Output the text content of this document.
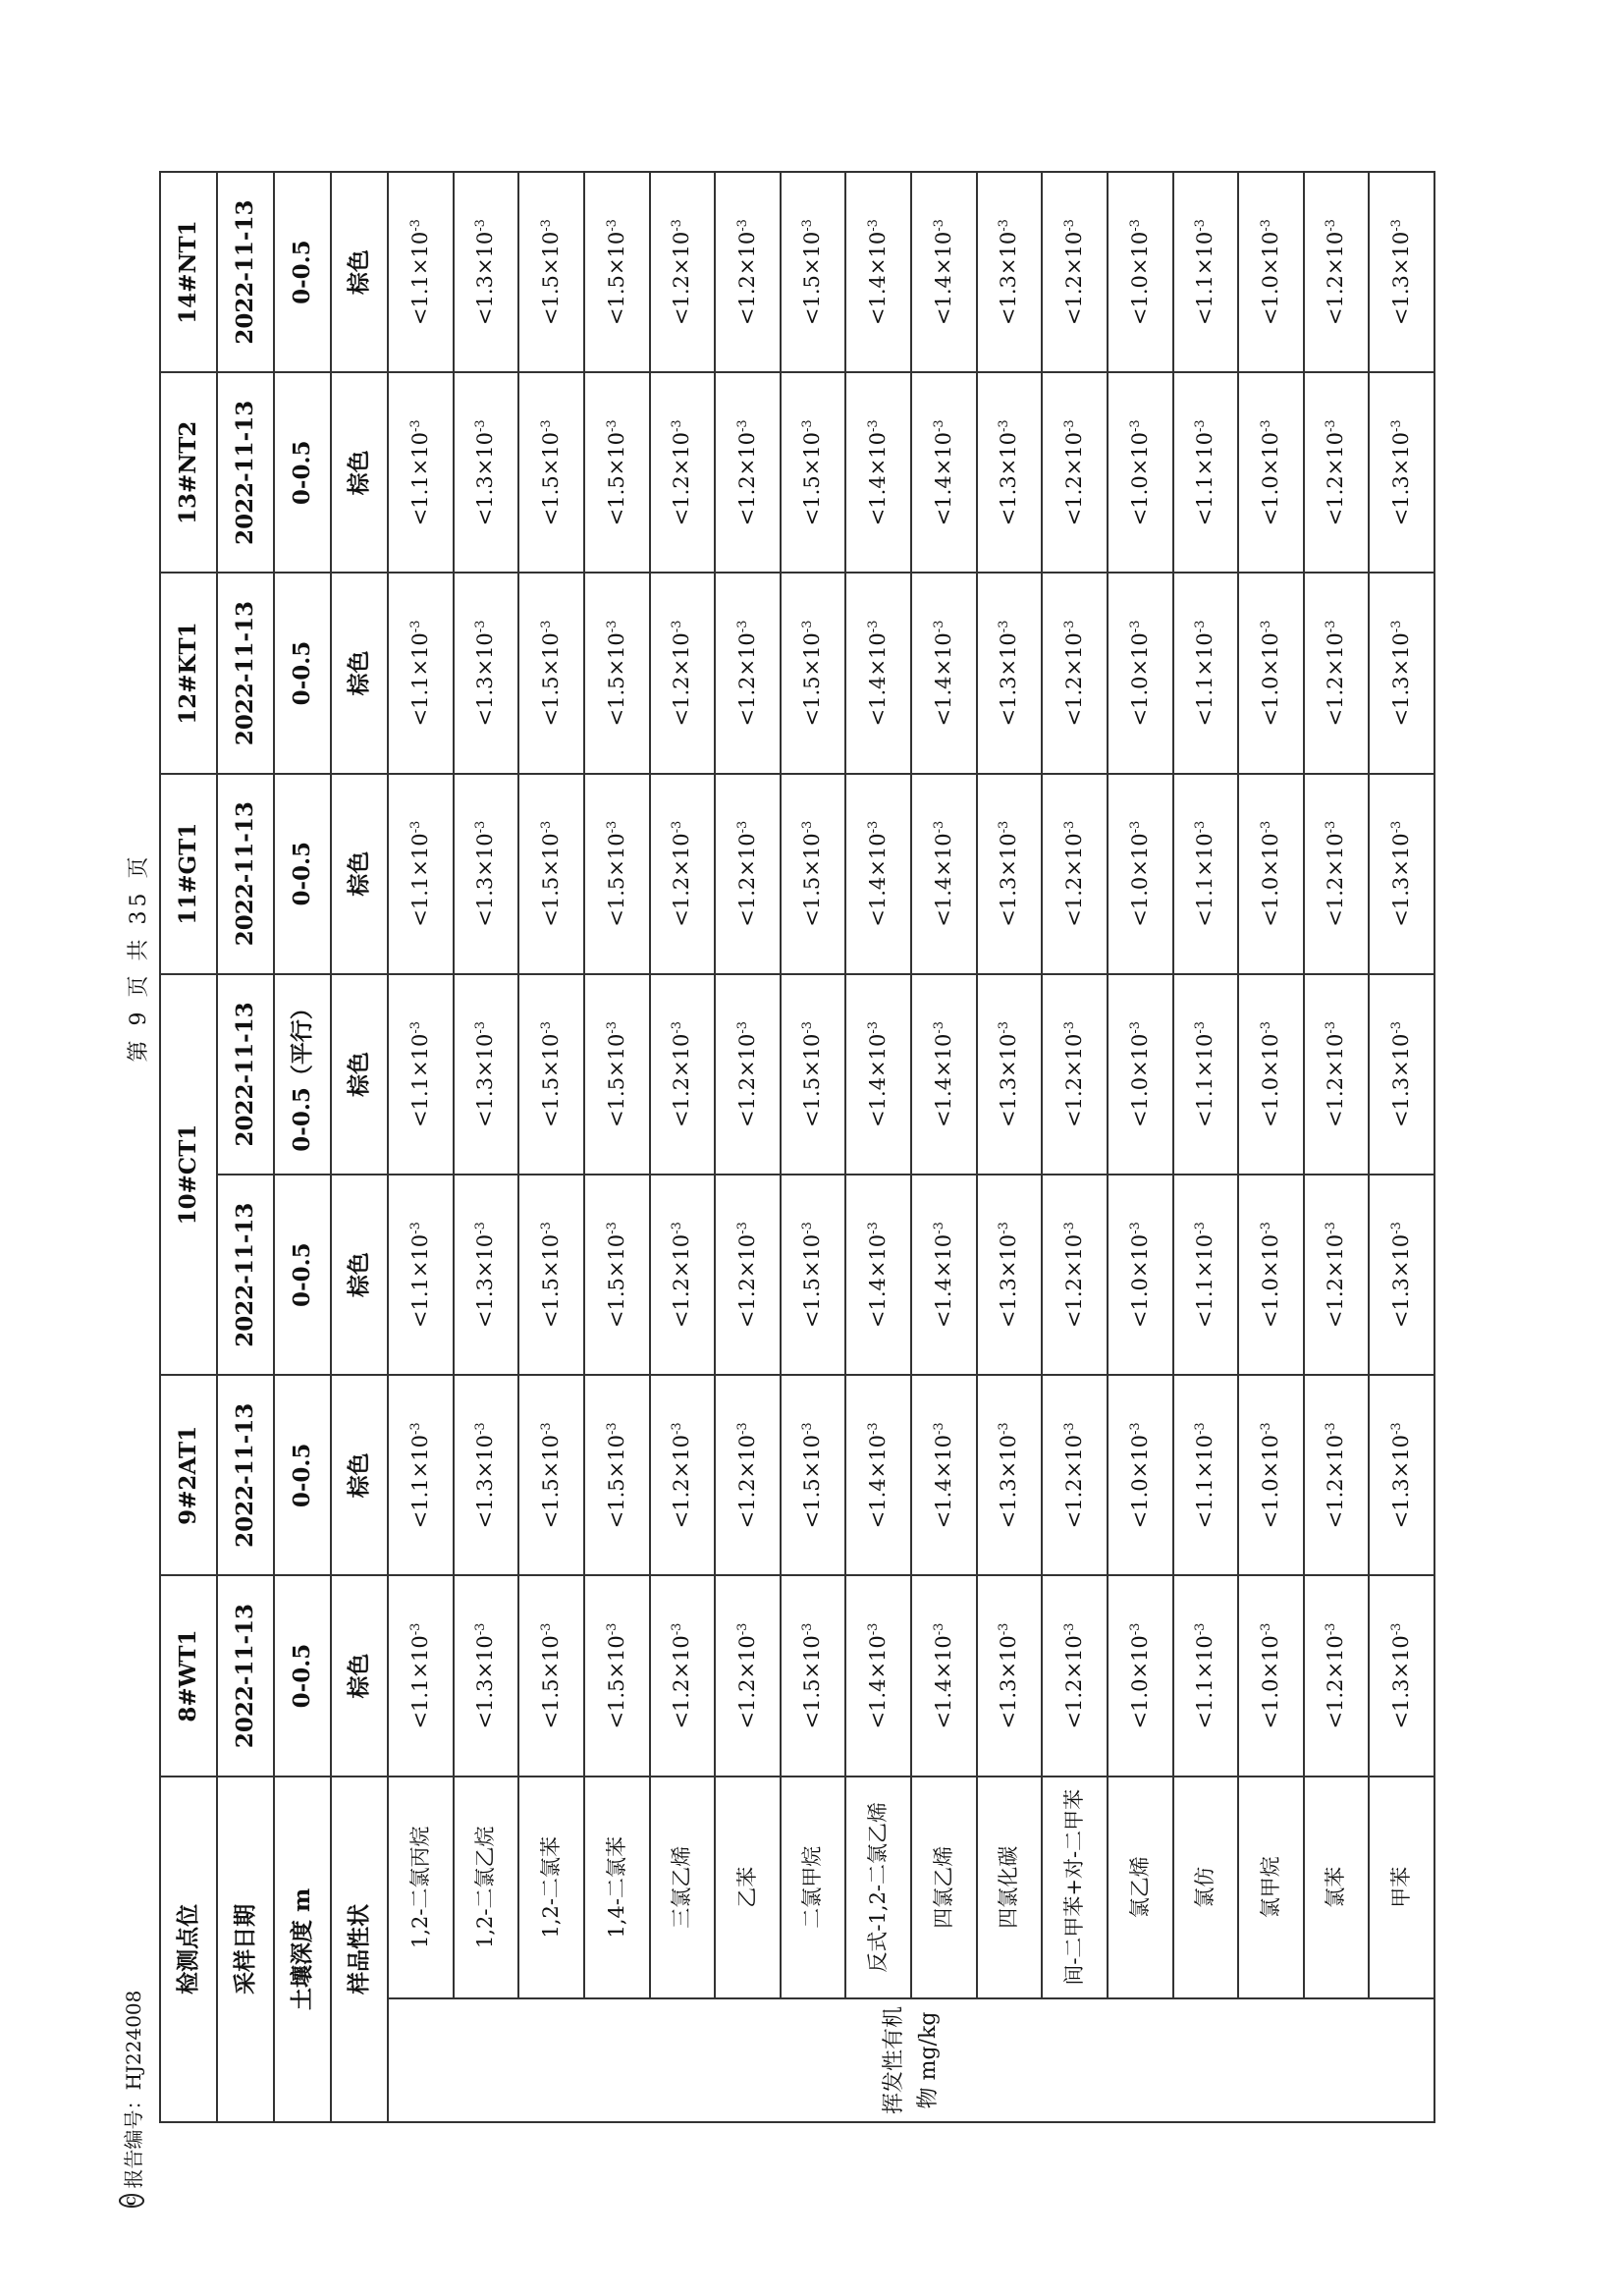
C
报告编号：HJ224008
第 9 页 共 35 页
检测点位		8#WT1	9#2AT1	10#CT1		11#GT1	12#KT1	13#NT2	14#NT1
采样日期		2022-11-13	2022-11-13	2022-11-13	2022-11-13	2022-11-13	2022-11-13	2022-11-13	2022-11-13
土壤深度 m		0-0.5	0-0.5	0-0.5	0-0.5（平行）	0-0.5	0-0.5	0-0.5	0-0.5
样品性状		棕色	棕色	棕色	棕色	棕色	棕色	棕色	棕色
挥发性有机物 mg/kg	1,2-二氯丙烷	$<1.1\times 10^{-3}$	$<1.1\times 10^{-3}$	$<1.1\times 10^{-3}$	$<1.1\times 10^{-3}$	$<1.1\times 10^{-3}$	$<1.1\times 10^{-3}$	$<1.1\times 10^{-3}$	$<1.1\times 10^{-3}$
	1,2-二氯乙烷	$<1.3\times 10^{-3}$	$<1.3\times 10^{-3}$	$<1.3\times 10^{-3}$	$<1.3\times 10^{-3}$	$<1.3\times 10^{-3}$	$<1.3\times 10^{-3}$	$<1.3\times 10^{-3}$	$<1.3\times 10^{-3}$
	1,2-二氯苯	$<1.5\times 10^{-3}$	$<1.5\times 10^{-3}$	$<1.5\times 10^{-3}$	$<1.5\times 10^{-3}$	$<1.5\times 10^{-3}$	$<1.5\times 10^{-3}$	$<1.5\times 10^{-3}$	$<1.5\times 10^{-3}$
	1,4-二氯苯	$<1.5\times 10^{-3}$	$<1.5\times 10^{-3}$	$<1.5\times 10^{-3}$	$<1.5\times 10^{-3}$	$<1.5\times 10^{-3}$	$<1.5\times 10^{-3}$	$<1.5\times 10^{-3}$	$<1.5\times 10^{-3}$
	三氯乙烯	$<1.2\times 10^{-3}$	$<1.2\times 10^{-3}$	$<1.2\times 10^{-3}$	$<1.2\times 10^{-3}$	$<1.2\times 10^{-3}$	$<1.2\times 10^{-3}$	$<1.2\times 10^{-3}$	$<1.2\times 10^{-3}$
	乙苯	$<1.2\times 10^{-3}$	$<1.2\times 10^{-3}$	$<1.2\times 10^{-3}$	$<1.2\times 10^{-3}$	$<1.2\times 10^{-3}$	$<1.2\times 10^{-3}$	$<1.2\times 10^{-3}$	$<1.2\times 10^{-3}$
	二氯甲烷	$<1.5\times 10^{-3}$	$<1.5\times 10^{-3}$	$<1.5\times 10^{-3}$	$<1.5\times 10^{-3}$	$<1.5\times 10^{-3}$	$<1.5\times 10^{-3}$	$<1.5\times 10^{-3}$	$<1.5\times 10^{-3}$
	反式-1,2-二氯乙烯	$<1.4\times 10^{-3}$	$<1.4\times 10^{-3}$	$<1.4\times 10^{-3}$	$<1.4\times 10^{-3}$	$<1.4\times 10^{-3}$	$<1.4\times 10^{-3}$	$<1.4\times 10^{-3}$	$<1.4\times 10^{-3}$
	四氯乙烯	$<1.4\times 10^{-3}$	$<1.4\times 10^{-3}$	$<1.4\times 10^{-3}$	$<1.4\times 10^{-3}$	$<1.4\times 10^{-3}$	$<1.4\times 10^{-3}$	$<1.4\times 10^{-3}$	$<1.4\times 10^{-3}$
	四氯化碳	$<1.3\times 10^{-3}$	$<1.3\times 10^{-3}$	$<1.3\times 10^{-3}$	$<1.3\times 10^{-3}$	$<1.3\times 10^{-3}$	$<1.3\times 10^{-3}$	$<1.3\times 10^{-3}$	$<1.3\times 10^{-3}$
	间-二甲苯+对-二甲苯	$<1.2\times 10^{-3}$	$<1.2\times 10^{-3}$	$<1.2\times 10^{-3}$	$<1.2\times 10^{-3}$	$<1.2\times 10^{-3}$	$<1.2\times 10^{-3}$	$<1.2\times 10^{-3}$	$<1.2\times 10^{-3}$
	氯乙烯	$<1.0\times 10^{-3}$	$<1.0\times 10^{-3}$	$<1.0\times 10^{-3}$	$<1.0\times 10^{-3}$	$<1.0\times 10^{-3}$	$<1.0\times 10^{-3}$	$<1.0\times 10^{-3}$	$<1.0\times 10^{-3}$
	氯仿	$<1.1\times 10^{-3}$	$<1.1\times 10^{-3}$	$<1.1\times 10^{-3}$	$<1.1\times 10^{-3}$	$<1.1\times 10^{-3}$	$<1.1\times 10^{-3}$	$<1.1\times 10^{-3}$	$<1.1\times 10^{-3}$
	氯甲烷	$<1.0\times 10^{-3}$	$<1.0\times 10^{-3}$	$<1.0\times 10^{-3}$	$<1.0\times 10^{-3}$	$<1.0\times 10^{-3}$	$<1.0\times 10^{-3}$	$<1.0\times 10^{-3}$	$<1.0\times 10^{-3}$
	氯苯	$<1.2\times 10^{-3}$	$<1.2\times 10^{-3}$	$<1.2\times 10^{-3}$	$<1.2\times 10^{-3}$	$<1.2\times 10^{-3}$	$<1.2\times 10^{-3}$	$<1.2\times 10^{-3}$	$<1.2\times 10^{-3}$
	甲苯	$<1.3\times 10^{-3}$	$<1.3\times 10^{-3}$	$<1.3\times 10^{-3}$	$<1.3\times 10^{-3}$	$<1.3\times 10^{-3}$	$<1.3\times 10^{-3}$	$<1.3\times 10^{-3}$	$<1.3\times 10^{-3}$
